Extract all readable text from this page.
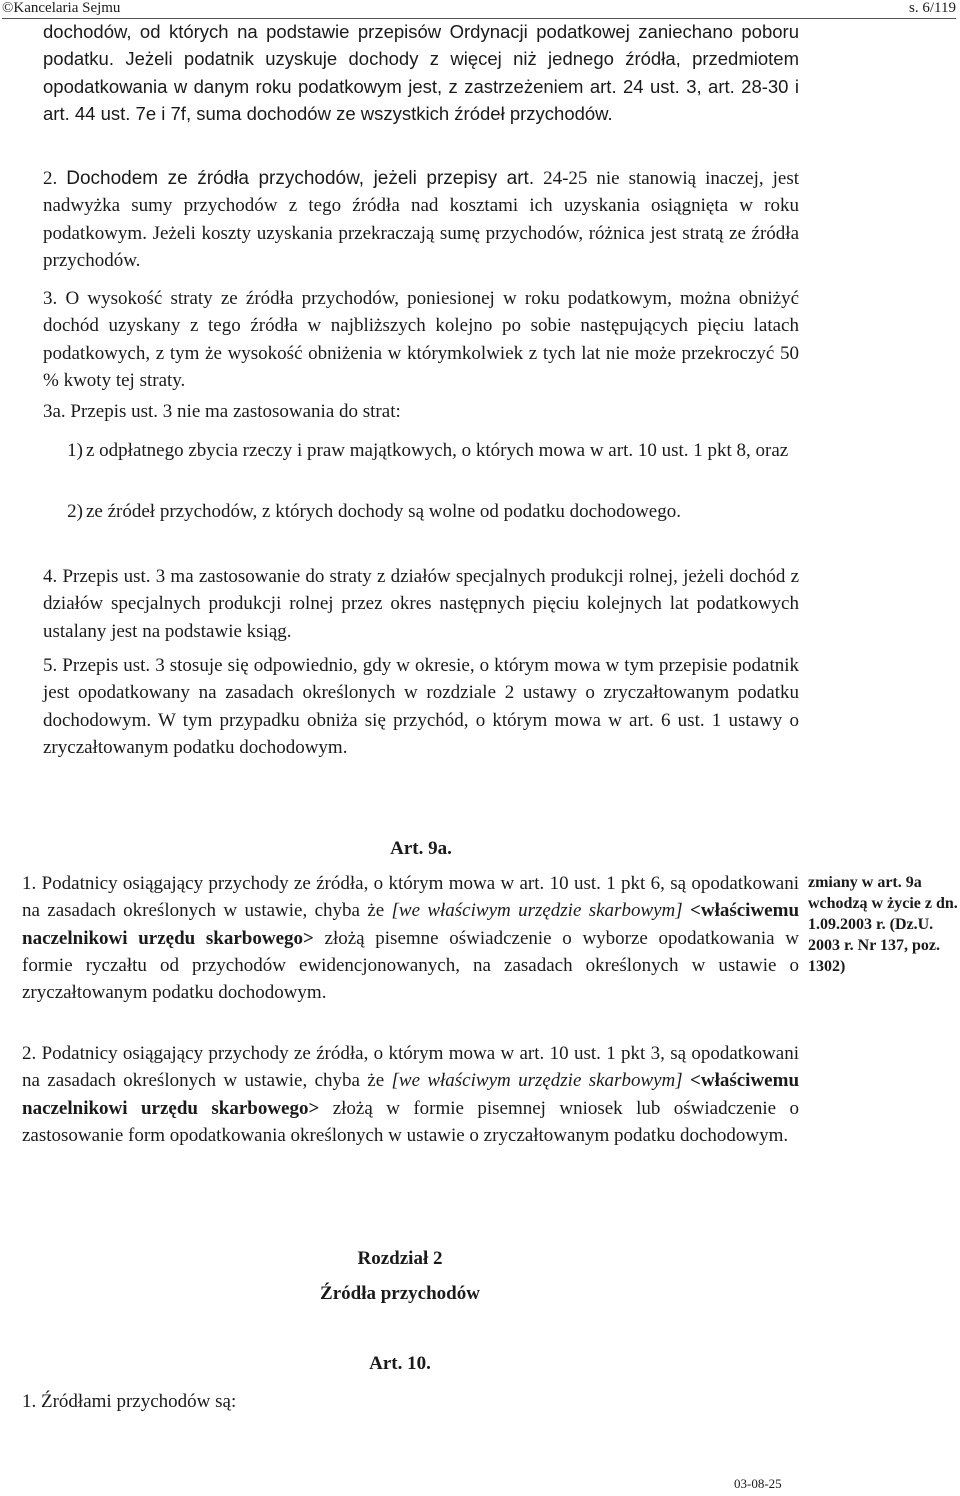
©Kancelaria Sejmu	s. 6/119
dochodów, od których na podstawie przepisów Ordynacji podatkowej zaniechano poboru podatku. Jeżeli podatnik uzyskuje dochody z więcej niż jednego źródła, przedmiotem opodatkowania w danym roku podatkowym jest, z zastrzeżeniem art. 24 ust. 3, art. 28-30 i art. 44 ust. 7e i 7f, suma dochodów ze wszystkich źródeł przychodów.
2. Dochodem ze źródła przychodów, jeżeli przepisy art. 24-25 nie stanowią inaczej, jest nadwyżka sumy przychodów z tego źródła nad kosztami ich uzyskania osiągnięta w roku podatkowym. Jeżeli koszty uzyskania przekraczają sumę przychodów, różnica jest stratą ze źródła przychodów.
3. O wysokość straty ze źródła przychodów, poniesionej w roku podatkowym, można obniżyć dochód uzyskany z tego źródła w najbliższych kolejno po sobie następujących pięciu latach podatkowych, z tym że wysokość obniżenia w którymkolwiek z tych lat nie może przekroczyć 50 % kwoty tej straty.
3a. Przepis ust. 3 nie ma zastosowania do strat:
1) z odpłatnego zbycia rzeczy i praw majątkowych, o których mowa w art. 10 ust. 1 pkt 8, oraz
2) ze źródeł przychodów, z których dochody są wolne od podatku dochodowego.
4. Przepis ust. 3 ma zastosowanie do straty z działów specjalnych produkcji rolnej, jeżeli dochód z działów specjalnych produkcji rolnej przez okres następnych pięciu kolejnych lat podatkowych ustalany jest na podstawie ksiąg.
5. Przepis ust. 3 stosuje się odpowiednio, gdy w okresie, o którym mowa w tym przepisie podatnik jest opodatkowany na zasadach określonych w rozdziale 2 ustawy o zryczałtowanym podatku dochodowym. W tym przypadku obniża się przychód, o którym mowa w art. 6 ust. 1 ustawy o zryczałtowanym podatku dochodowym.
Art. 9a.
1. Podatnicy osiągający przychody ze źródła, o którym mowa w art. 10 ust. 1 pkt 6, są opodatkowani na zasadach określonych w ustawie, chyba że [we właściwym urzędzie skarbowym] <właściwemu naczelnikowi urzędu skarbowego> złożą pisemne oświadczenie o wyborze opodatkowania w formie ryczałtu od przychodów ewidencjonowanych, na zasadach określonych w ustawie o zryczałtowanym podatku dochodowym.
zmiany w art. 9a wchodzą w życie z dn. 1.09.2003 r. (Dz.U. 2003 r. Nr 137, poz. 1302)
2. Podatnicy osiągający przychody ze źródła, o którym mowa w art. 10 ust. 1 pkt 3, są opodatkowani na zasadach określonych w ustawie, chyba że [we właściwym urzędzie skarbowym] <właściwemu naczelnikowi urzędu skarbowego> złożą w formie pisemnej wniosek lub oświadczenie o zastosowanie form opodatkowania określonych w ustawie o zryczałtowanym podatku dochodowym.
Rozdział 2
Źródła przychodów
Art. 10.
1. Źródłami przychodów są:
03-08-25
